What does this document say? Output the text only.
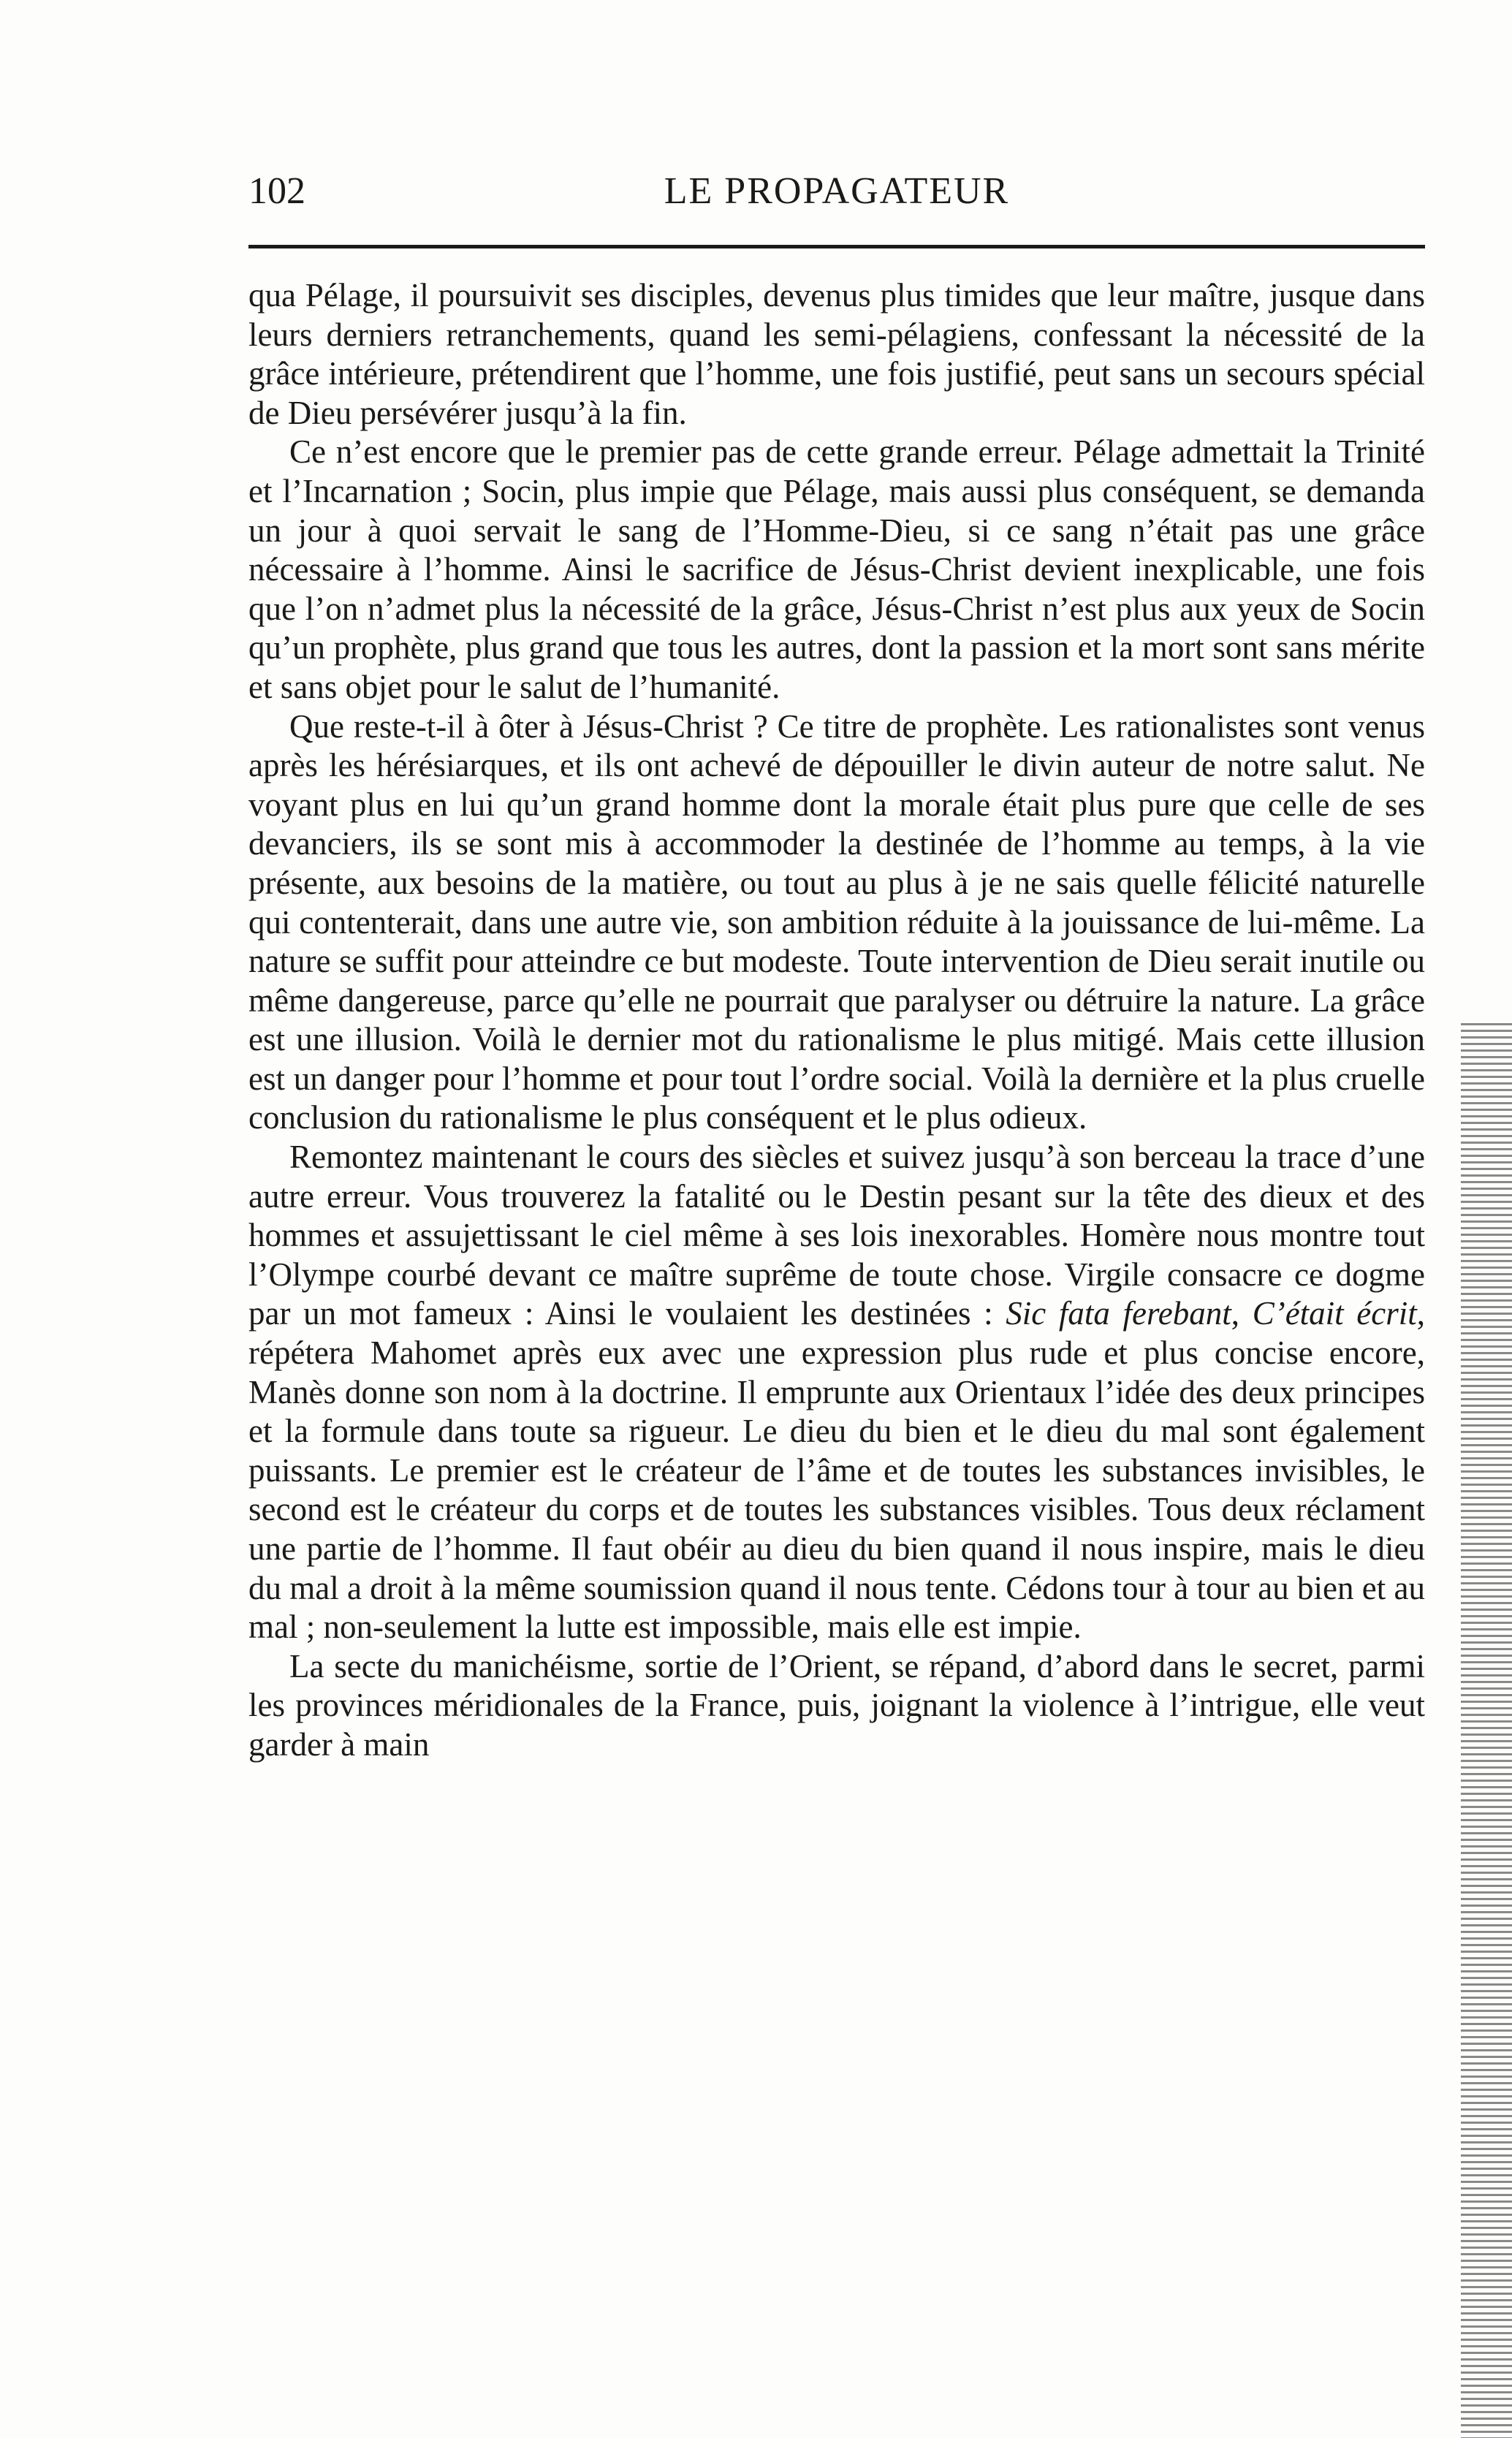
102	LE PROPAGATEUR

qua Pélage, il poursuivit ses disciples, devenus plus timides que leur maître, jusque dans leurs derniers retranchements, quand les semi-pélagiens, confessant la nécessité de la grâce intérieure, prétendirent que l’homme, une fois justifié, peut sans un secours spécial de Dieu persévérer jusqu’à la fin.

Ce n’est encore que le premier pas de cette grande erreur. Pélage admettait la Trinité et l’Incarnation ; Socin, plus impie que Pélage, mais aussi plus conséquent, se demanda un jour à quoi servait le sang de l’Homme-Dieu, si ce sang n’était pas une grâce nécessaire à l’homme. Ainsi le sacrifice de Jésus-Christ devient inexplicable, une fois que l’on n’admet plus la nécessité de la grâce, Jésus-Christ n’est plus aux yeux de Socin qu’un prophète, plus grand que tous les autres, dont la passion et la mort sont sans mérite et sans objet pour le salut de l’humanité.

Que reste-t-il à ôter à Jésus-Christ ? Ce titre de prophète. Les rationalistes sont venus après les hérésiarques, et ils ont achevé de dépouiller le divin auteur de notre salut. Ne voyant plus en lui qu’un grand homme dont la morale était plus pure que celle de ses devanciers, ils se sont mis à accommoder la destinée de l’homme au temps, à la vie présente, aux besoins de la matière, ou tout au plus à je ne sais quelle félicité naturelle qui contenterait, dans une autre vie, son ambition réduite à la jouissance de lui-même. La nature se suffit pour atteindre ce but modeste. Toute intervention de Dieu serait inutile ou même dangereuse, parce qu’elle ne pourrait que paralyser ou détruire la nature. La grâce est une illusion. Voilà le dernier mot du rationalisme le plus mitigé. Mais cette illusion est un danger pour l’homme et pour tout l’ordre social. Voilà la dernière et la plus cruelle conclusion du rationalisme le plus conséquent et le plus odieux.

Remontez maintenant le cours des siècles et suivez jusqu’à son berceau la trace d’une autre erreur. Vous trouverez la fatalité ou le Destin pesant sur la tête des dieux et des hommes et assujettissant le ciel même à ses lois inexorables. Homère nous montre tout l’Olympe courbé devant ce maître suprême de toute chose. Virgile consacre ce dogme par un mot fameux : Ainsi le voulaient les destinées : Sic fata ferebant, C’était écrit, répétera Mahomet après eux avec une expression plus rude et plus concise encore, Manès donne son nom à la doctrine. Il emprunte aux Orientaux l’idée des deux principes et la formule dans toute sa rigueur. Le dieu du bien et le dieu du mal sont également puissants. Le premier est le créateur de l’âme et de toutes les substances invisibles, le second est le créateur du corps et de toutes les substances visibles. Tous deux réclament une partie de l’homme. Il faut obéir au dieu du bien quand il nous inspire, mais le dieu du mal a droit à la même soumission quand il nous tente. Cédons tour à tour au bien et au mal ; non-seulement la lutte est impossible, mais elle est impie.

La secte du manichéisme, sortie de l’Orient, se répand, d’abord dans le secret, parmi les provinces méridionales de la France, puis, joignant la violence à l’intrigue, elle veut garder à main
